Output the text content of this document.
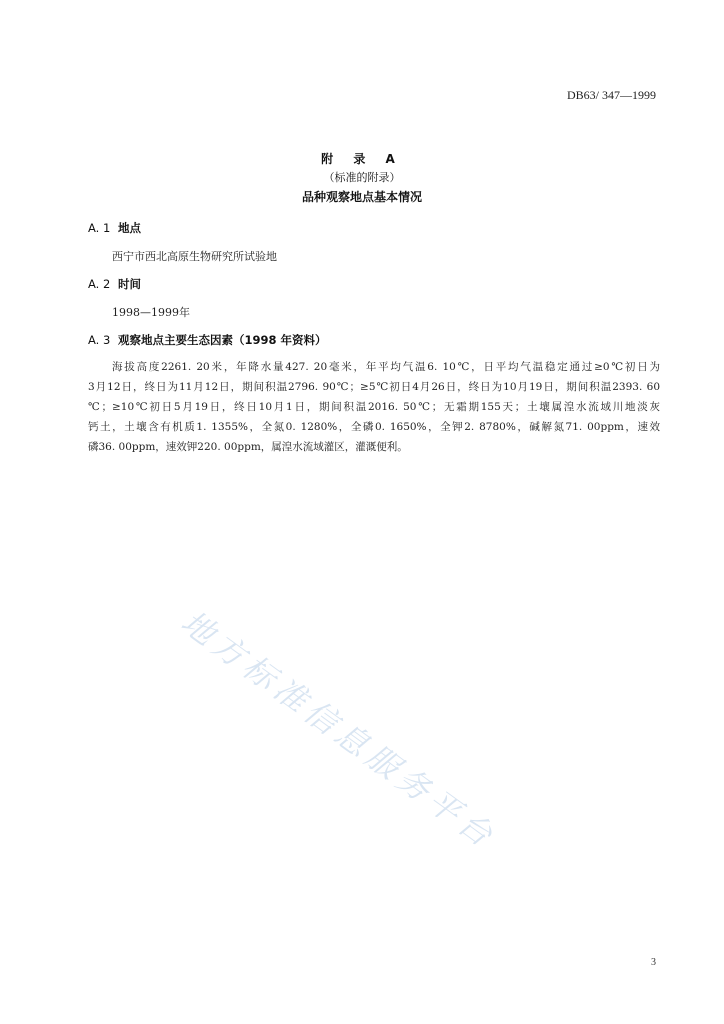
DB63/ 347—1999
附 录 A
（标准的附录）
品种观察地点基本情况
A. 1 地点
西宁市西北高原生物研究所试验地
A. 2 时间
1998—1999年
A. 3 观察地点主要生态因素（1998 年资料）
海拔高度2261. 20米，年降水量427. 20毫米，年平均气温6. 10℃，日平均气温稳定通过≥0℃初日为
3月12日，终日为11月12日，期间积温2796. 90℃；≥5℃初日4月26日，终日为10月19日，期间积温2393. 60
℃；≥10℃初日5月19日，终日10月1日，期间积温2016. 50℃；无霜期155天；土壤属湟水流域川地淡灰
钙土，土壤含有机质1. 1355%，全氮0. 1280%，全磷0. 1650%，全钾2. 8780%，碱解氮71. 00ppm，速效
磷36. 00ppm，速效钾220. 00ppm，属湟水流域灌区，灌溉便利。
地方标准信息服务平台
3
